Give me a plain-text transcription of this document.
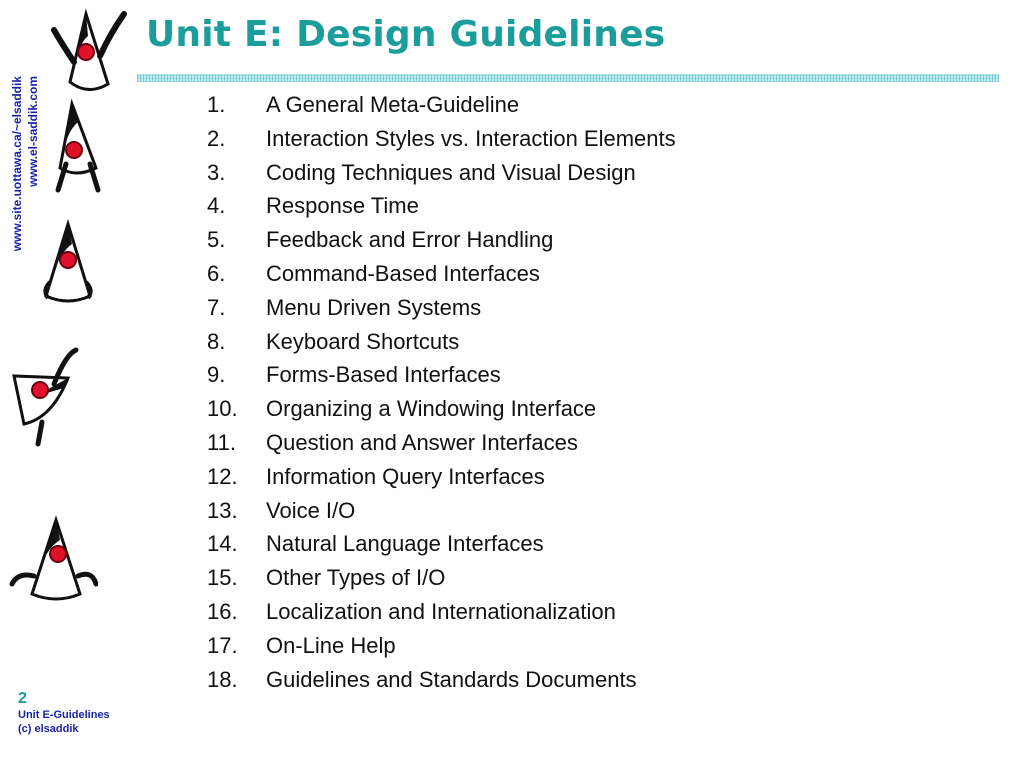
Unit E: Design Guidelines
www.site.uottawa.ca/~elsaddik www.el-saddik.com	1. A General Meta-Guideline
2. Interaction Styles vs. Interaction Elements
3. Coding Techniques and Visual Design
4. Response Time
5. Feedback and Error Handling
6. Command-Based Interfaces
7. Menu Driven Systems
8. Keyboard Shortcuts
9. Forms-Based Interfaces
10. Organizing a Windowing Interface
11. Question and Answer Interfaces
12. Information Query Interfaces
13. Voice I/O
14. Natural Language Interfaces
15. Other Types of I/O
16. Localization and Internationalization
17. On-Line Help
18. Guidelines and Standards Documents
2
Unit E-Guidelines
(c) elsaddik
